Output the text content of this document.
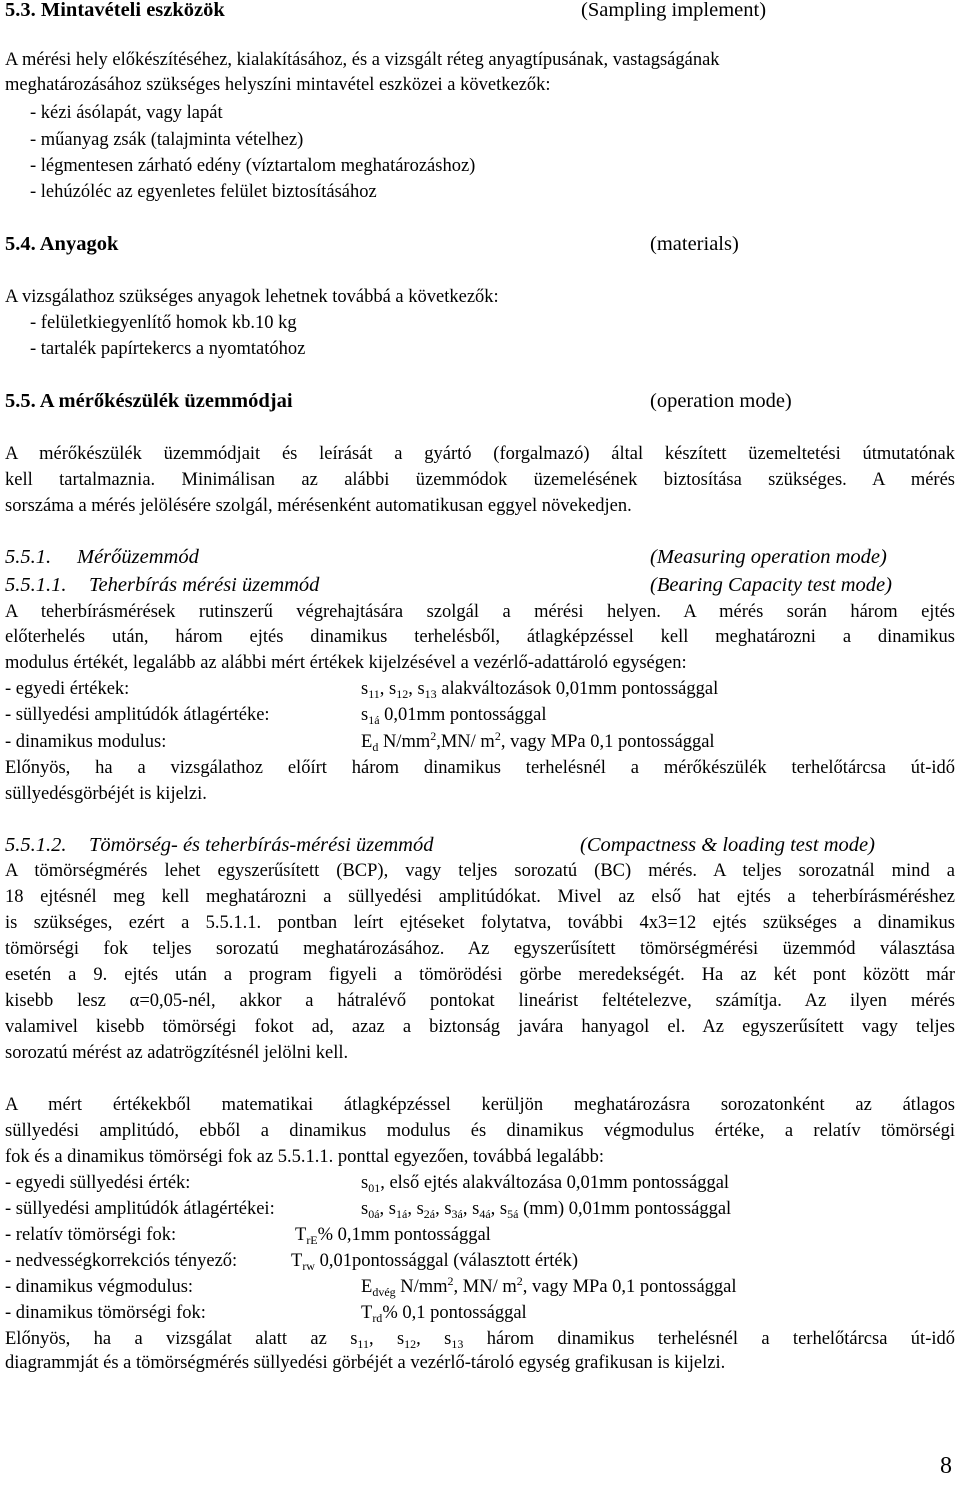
5.3. Mintavételi eszközök	(Sampling implement)
A mérési hely előkészítéséhez, kialakításához, és a vizsgált réteg anyagtípusának, vastagságának
meghatározásához szükséges helyszíni mintavétel eszközei a következők:
- kézi ásólapát, vagy lapát
- műanyag zsák (talajminta vételhez)
- légmentesen zárható edény (víztartalom meghatározáshoz)
- lehúzóléc az egyenletes felület biztosításához
5.4. Anyagok	(materials)
A vizsgálathoz szükséges anyagok lehetnek továbbá a következők:
- felületkiegyenlítő homok kb.10 kg
- tartalék papírtekercs a nyomtatóhoz
5.5. A mérőkészülék üzemmódjai	(operation mode)
A mérőkészülék üzemmódjait és leírását a gyártó (forgalmazó) által készített üzemeltetési útmutatónak
kell tartalmaznia. Minimálisan az alábbi üzemmódok üzemelésének biztosítása szükséges. A mérés
sorszáma a mérés jelölésére szolgál, mérésenként automatikusan eggyel növekedjen.
5.5.1. Mérőüzemmód	(Measuring operation mode)
5.5.1.1. Teherbírás mérési üzemmód	(Bearing Capacity test mode)
A teherbírásmérések rutinszerű végrehajtására szolgál a mérési helyen. A mérés során három ejtés
előterhelés után, három ejtés dinamikus terhelésből, átlagképzéssel kell meghatározni a dinamikus
modulus értékét, legalább az alábbi mért értékek kijelzésével a vezérlő-adattároló egységen:
- egyedi értékek:	$s_{11}$, $s_{12}$, $s_{13}$ alakváltozások 0,01mm pontossággal
- süllyedési amplitúdók átlagértéke:	$s_{1á}$ 0,01mm pontossággal
- dinamikus modulus:	$E_d$ $N/mm^2,MN/$ $m^2$, vagy MPa 0,1 pontossággal
Előnyös, ha a vizsgálathoz előírt három dinamikus terhelésnél a mérőkészülék terhelőtárcsa út-idő
süllyedésgörbéjét is kijelzi.
5.5.1.2. Tömörség- és teherbírás-mérési üzemmód	(Compactness & loading test mode)
A tömörségmérés lehet egyszerűsített (BCP), vagy teljes sorozatú (BC) mérés. A teljes sorozatnál mind a
18 ejtésnél meg kell meghatározni a süllyedési amplitúdókat. Mivel az első hat ejtés a teherbírásméréshez
is szükséges, ezért a 5.5.1.1. pontban leírt ejtéseket folytatva, további 4x3=12 ejtés szükséges a dinamikus
tömörségi fok teljes sorozatú meghatározásához. Az egyszerűsített tömörségmérési üzemmód választása
esetén a 9. ejtés után a program figyeli a tömörödési görbe meredekségét. Ha az két pont között már
kisebb lesz α=0,05-nél, akkor a hátralévő pontokat lineárist feltételezve, számítja. Az ilyen mérés
valamivel kisebb tömörségi fokot ad, azaz a biztonság javára hanyagol el. Az egyszerűsített vagy teljes
sorozatú mérést az adatrögzítésnél jelölni kell.
A mért értékekből matematikai átlagképzéssel kerüljön meghatározásra sorozatonként az átlagos
süllyedési amplitúdó, ebből a dinamikus modulus és dinamikus végmodulus értéke, a relatív tömörségi
fok és a dinamikus tömörségi fok az 5.5.1.1. ponttal egyezően, továbbá legalább:
- egyedi süllyedési érték:	$s_{01}$, első ejtés alakváltozása 0,01mm pontossággal
- süllyedési amplitúdók átlagértékei:	$s_{0á}$, $s_{1á}$, $s_{2á}$, $s_{3á}$, $s_{4á}$, $s_{5á}$ (mm) 0,01mm pontossággal
- relatív tömörségi fok:	$T_{rE}\%$ 0,1mm pontossággal
- nedvességkorrekciós tényező:	$T_{rw}$ 0,01pontossággal (választott érték)
- dinamikus végmodulus:	$E_{dvég}$ $N/mm^2$, MN/ $m^2$, vagy MPa 0,1 pontossággal
- dinamikus tömörségi fok:	$T_{rd}\%$ 0,1 pontossággal
Előnyös, ha a vizsgálat alatt az $s_{11}$, $s_{12}$, $s_{13}$ három dinamikus terhelésnél a terhelőtárcsa út-idő
diagrammját és a tömörségmérés süllyedési görbéjét a vezérlő-tároló egység grafikusan is kijelzi.
8
